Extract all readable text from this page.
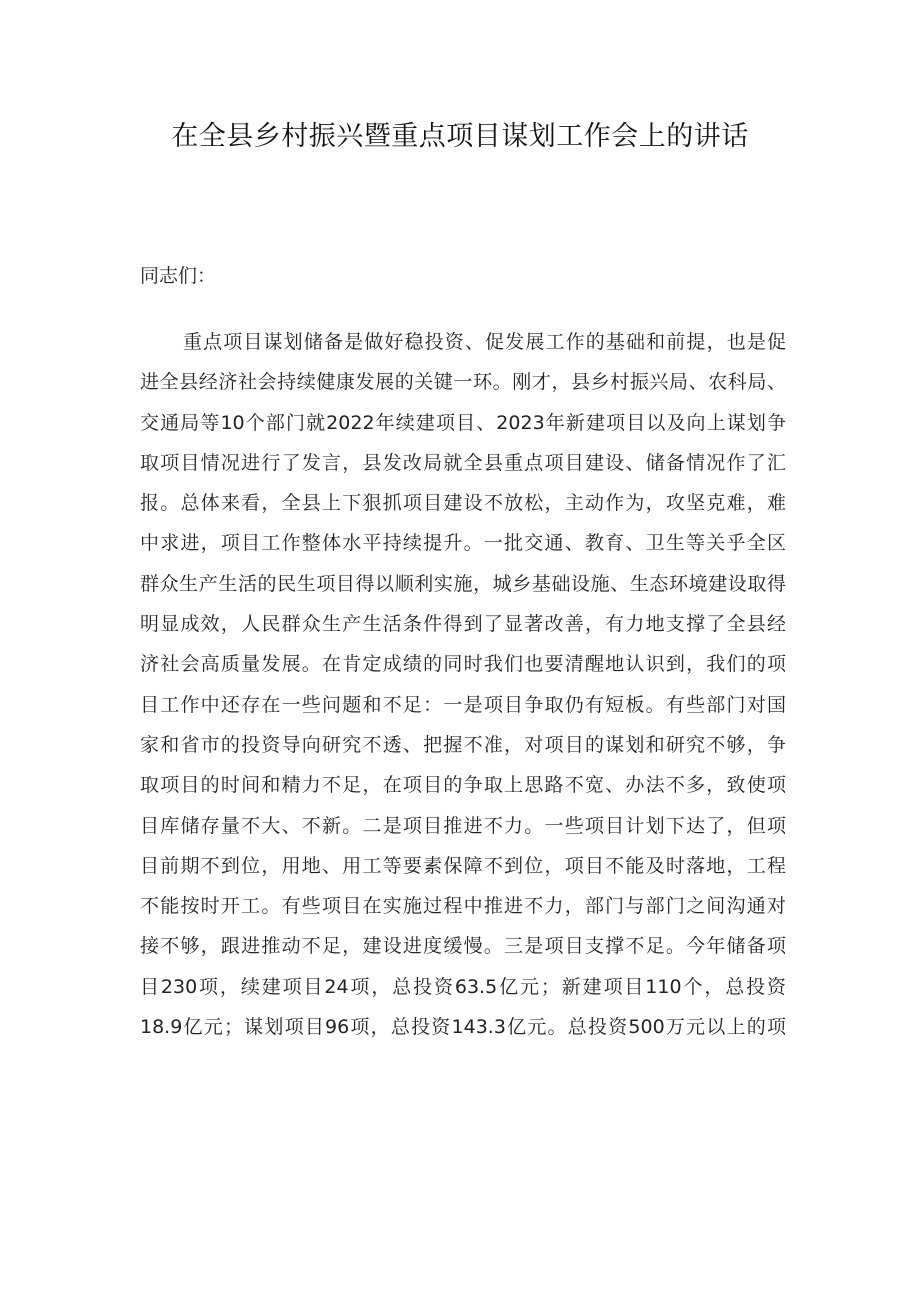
在全县乡村振兴暨重点项目谋划工作会上的讲话
同志们：
重点项目谋划储备是做好稳投资、促发展工作的基础和前提，也是促
进全县经济社会持续健康发展的关键一环。刚才，县乡村振兴局、农科局、
交通局等10个部门就2022年续建项目、2023年新建项目以及向上谋划争
取项目情况进行了发言，县发改局就全县重点项目建设、储备情况作了汇
报。总体来看，全县上下狠抓项目建设不放松，主动作为，攻坚克难，难
中求进，项目工作整体水平持续提升。一批交通、教育、卫生等关乎全区
群众生产生活的民生项目得以顺利实施，城乡基础设施、生态环境建设取得
明显成效，人民群众生产生活条件得到了显著改善，有力地支撑了全县经
济社会高质量发展。在肯定成绩的同时我们也要清醒地认识到，我们的项
目工作中还存在一些问题和不足：一是项目争取仍有短板。有些部门对国
家和省市的投资导向研究不透、把握不准，对项目的谋划和研究不够，争
取项目的时间和精力不足，在项目的争取上思路不宽、办法不多，致使项
目库储存量不大、不新。二是项目推进不力。一些项目计划下达了，但项
目前期不到位，用地、用工等要素保障不到位，项目不能及时落地，工程
不能按时开工。有些项目在实施过程中推进不力，部门与部门之间沟通对
接不够，跟进推动不足，建设进度缓慢。三是项目支撑不足。今年储备项
目230项，续建项目24项，总投资63.5亿元；新建项目110个，总投资
18.9亿元；谋划项目96项，总投资143.3亿元。总投资500万元以上的项
